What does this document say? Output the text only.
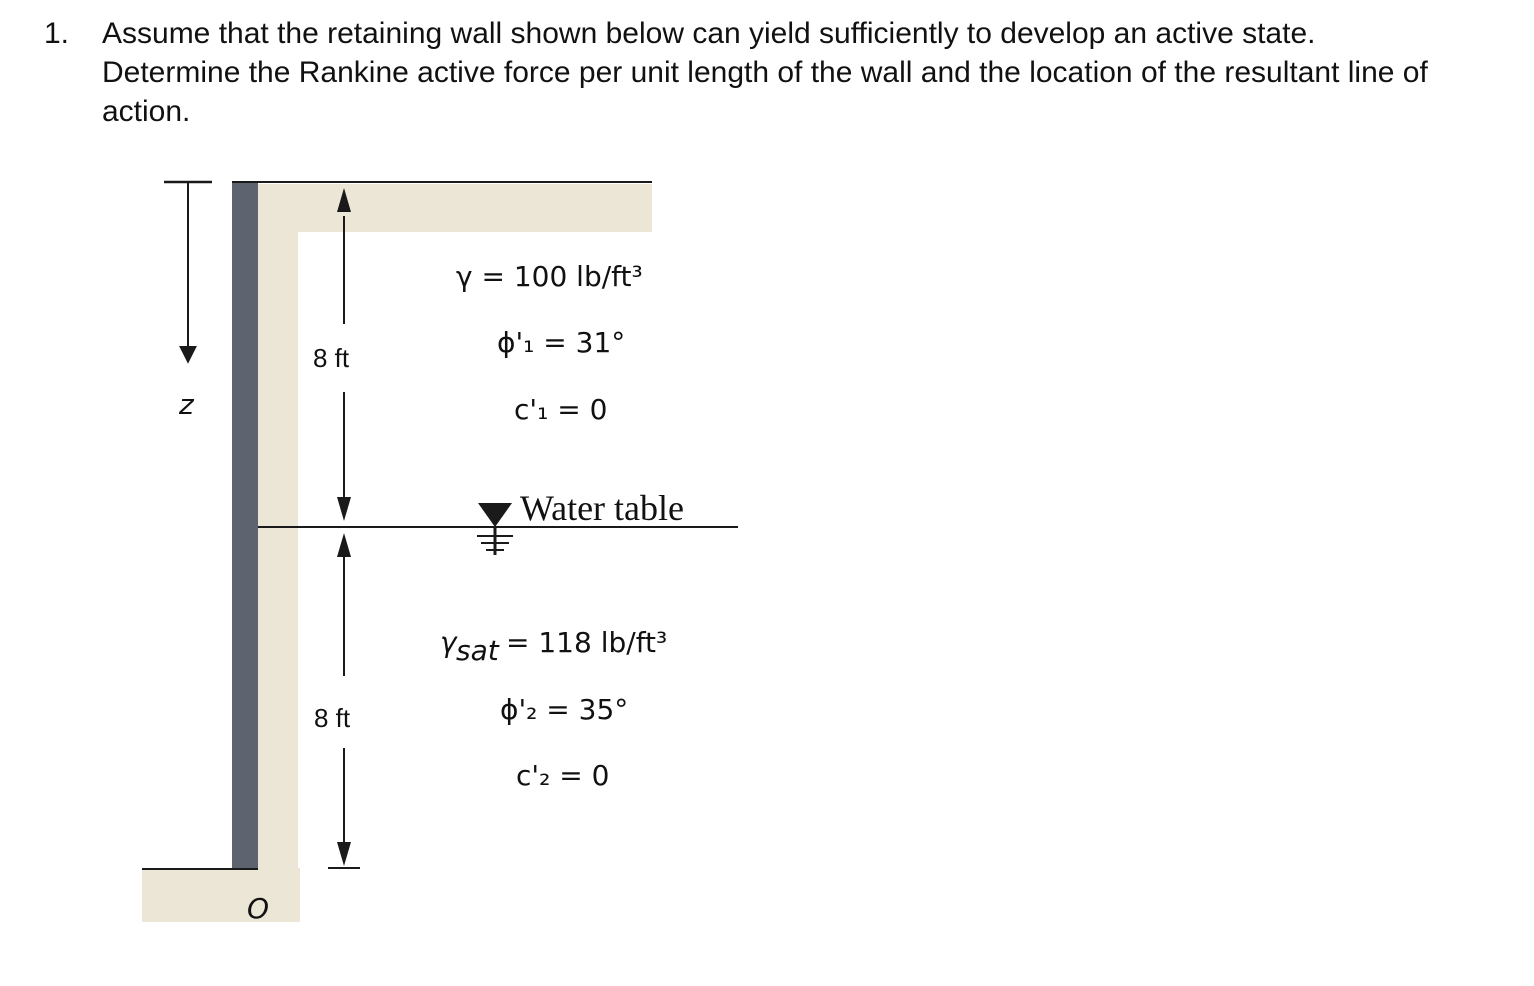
1. Assume that the retaining wall shown below can yield sufficiently to develop an active state. Determine the Rankine active force per unit length of the wall and the location of the resultant line of action.
z
8 ft
8 ft
γ = 100 lb/ft³
ϕ'₁ = 31°
c'₁ = 0
Water table
γ sat = 118 lb/ft³
ϕ'₂ = 35°
c'₂ = 0
O
